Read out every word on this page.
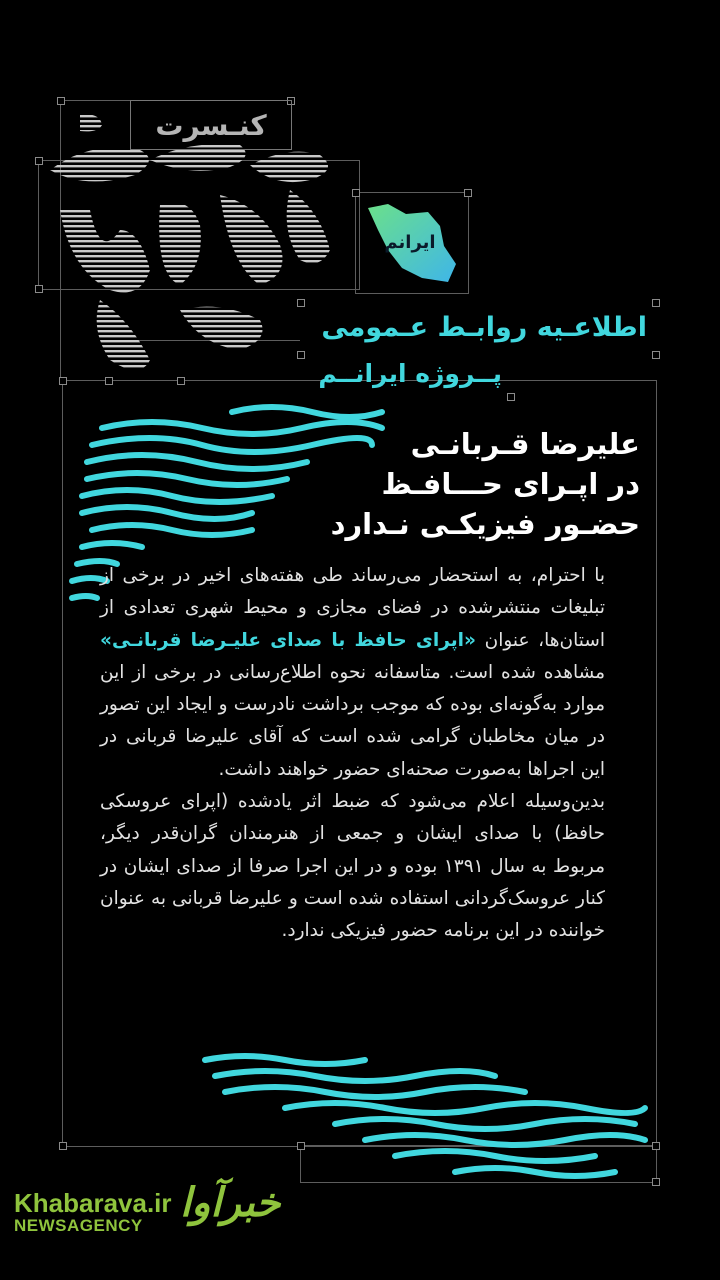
کنـسرت
ایرانم
اطلاعـیه روابـط عـمومی
پــروژه ایرانــم
علیرضا قـربانـی
در اپـرای حـــافـظ
حضـور فیزیکـی نـدارد

با احترام، به استحضار می‌رساند طی هفته‌های اخیر در برخی از تبلیغات منتشرشده در فضای مجازی و محیط شهری تعدادی از استان‌ها، عنوان «اپرای حافظ با صدای علیـرضا قربانـی» مشاهده شده است. متاسفانه نحوه اطلاع‌رسانی در برخی از این موارد به‌گونه‌ای بوده که موجب برداشت نادرست و ایجاد این تصور در میان مخاطبان گرامی شده است که آقای علیرضا قربانی در این اجراها به‌صورت صحنه‌ای حضور خواهند داشت.

بدین‌وسیله اعلام می‌شود که ضبط اثر یادشده (اپرای عروسکی حافظ) با صدای ایشان و جمعی از هنرمندان گران‌قدر دیگر، مربوط به سال ۱۳۹۱ بوده و در این اجرا صرفا از صدای ایشان در کنار عروسک‌گردانی استفاده شده است و علیرضا قربانی به عنوان خواننده در این برنامه حضور فیزیکی ندارد.

Khabarava.ir
NEWSAGENCY خبرآوا
